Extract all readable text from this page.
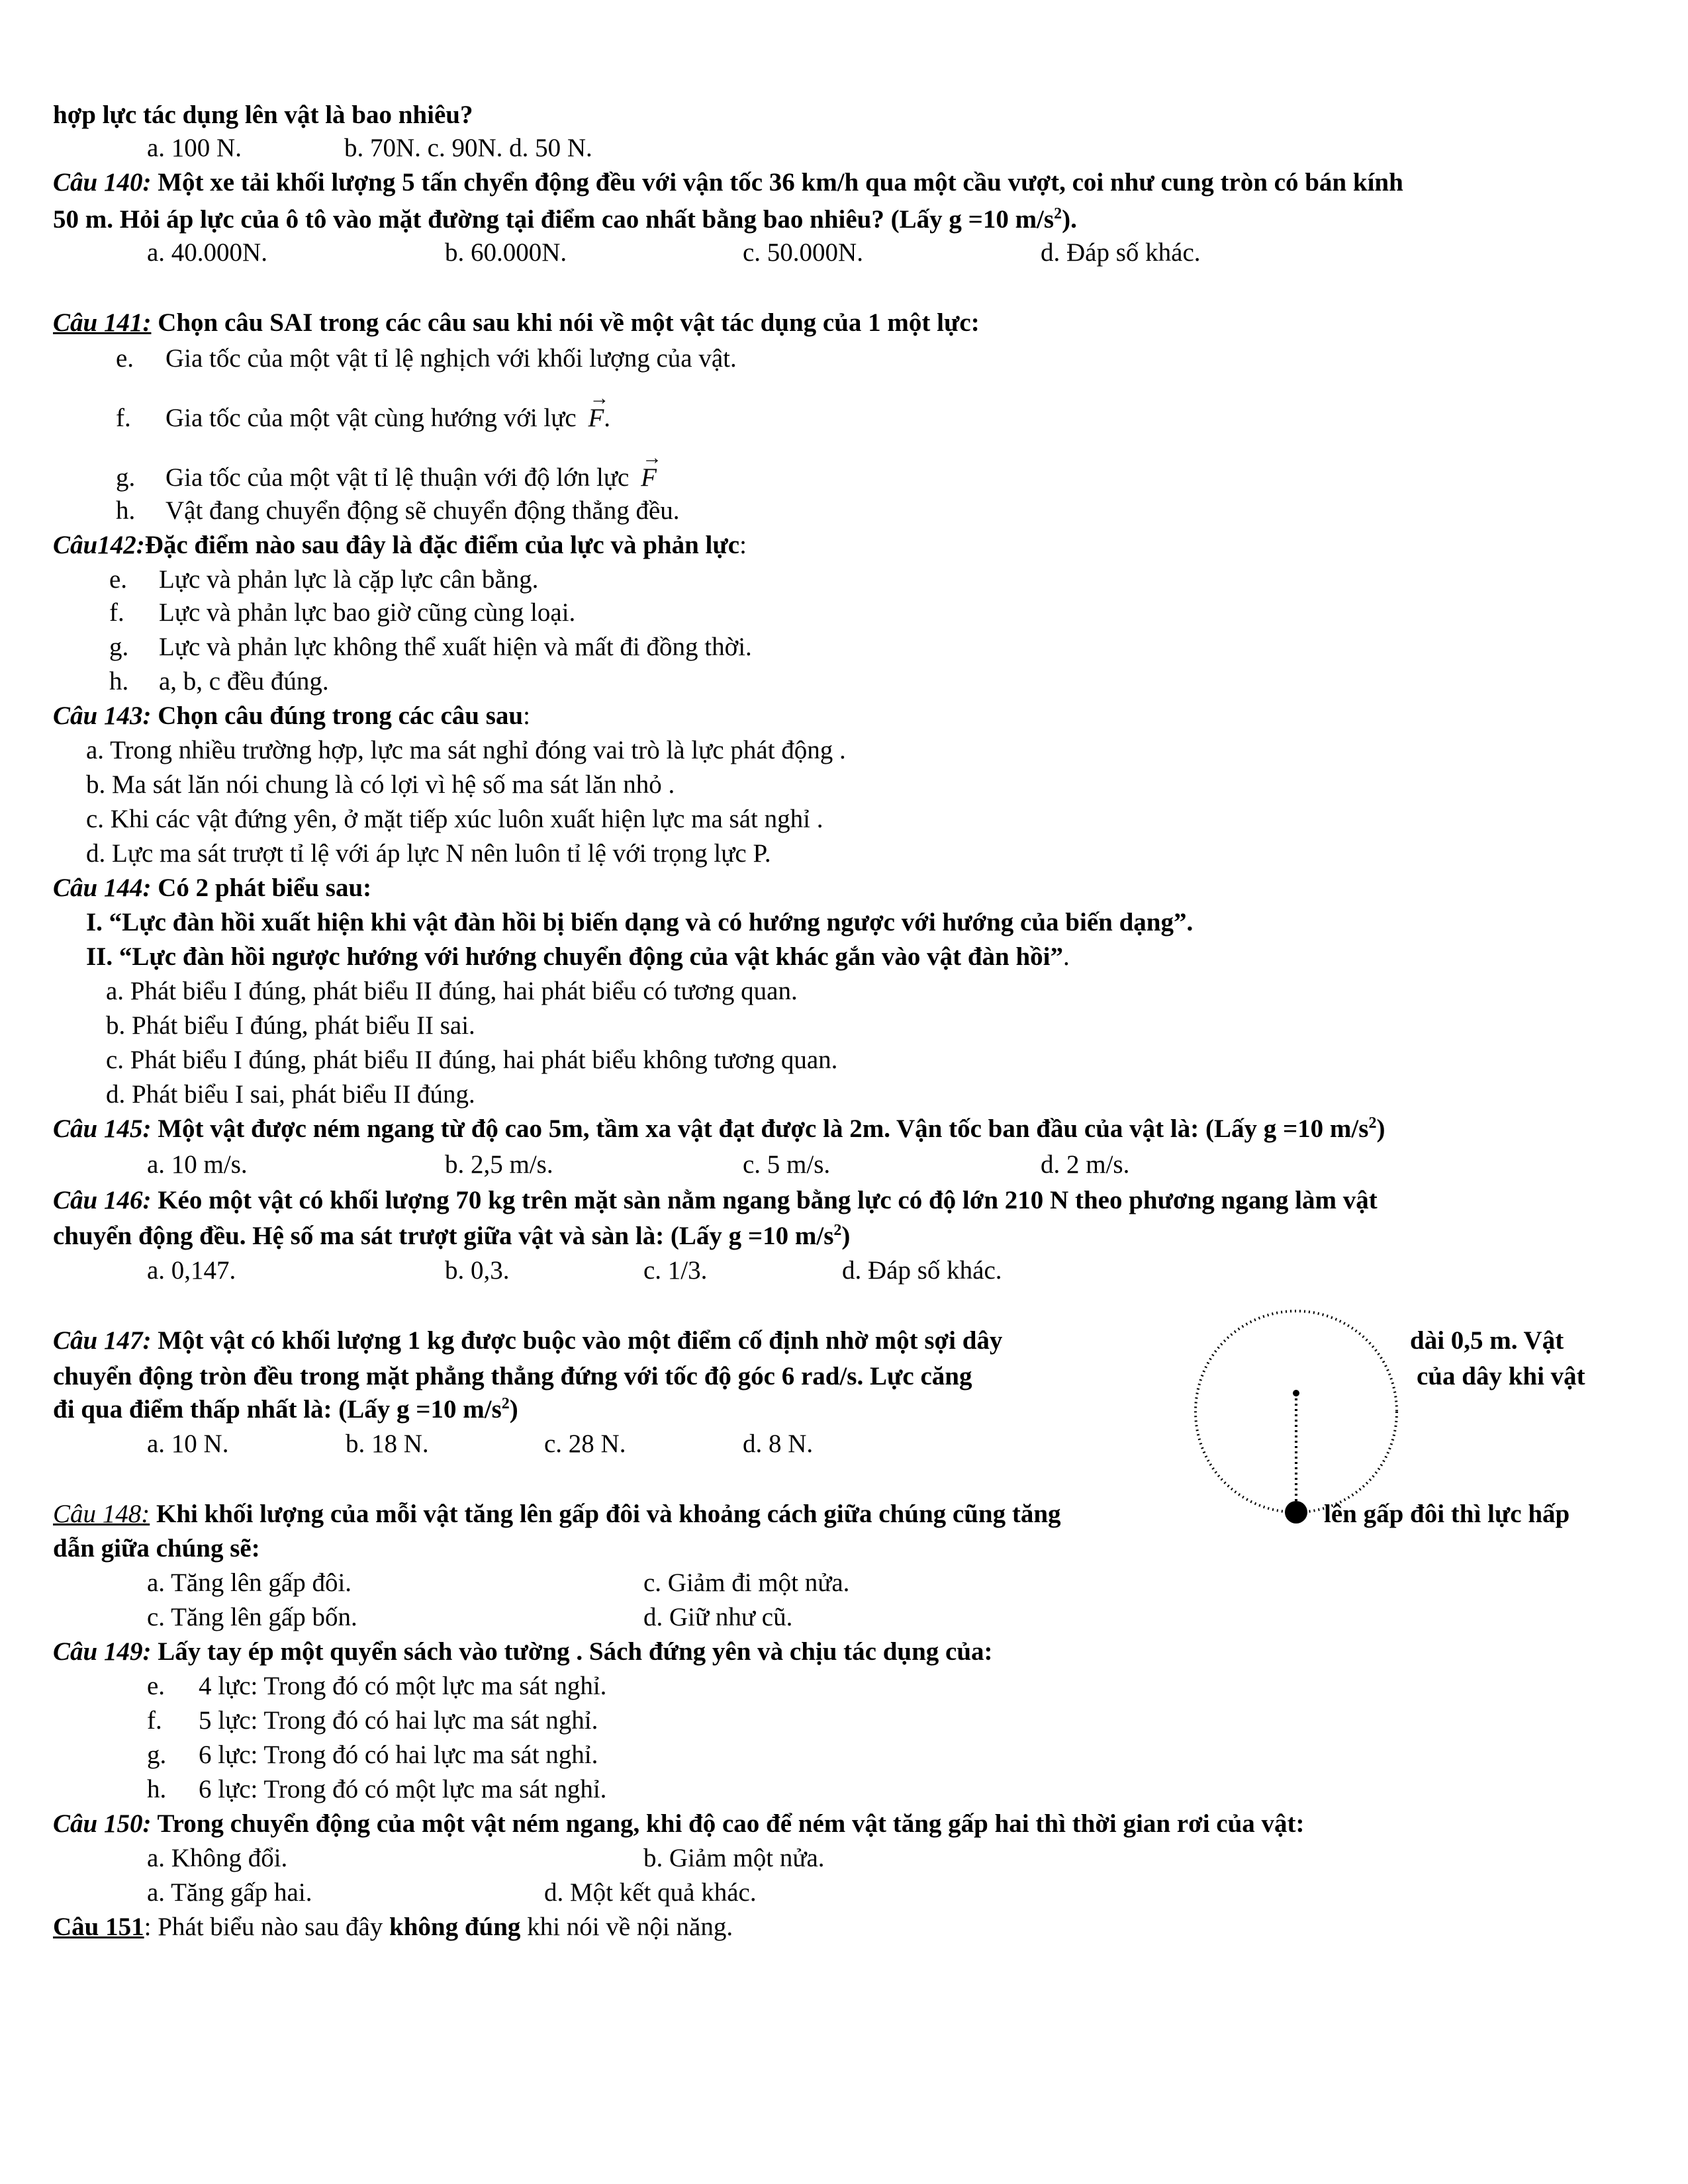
hợp lực tác dụng lên vật là bao nhiêu?
a. 100 N.	b. 70N. c. 90N. d. 50 N.
Câu 140: Một xe tải khối lượng 5 tấn chyển động đều với vận tốc 36 km/h qua một cầu vượt, coi như cung tròn có bán kính
50 m. Hỏi áp lực của ô tô vào mặt đường tại điểm cao nhất bằng bao nhiêu? (Lấy g =10 $m/s^2$).
a. 40.000N.	b. 60.000N.	c. 50.000N.	d. Đáp số khác.
Câu 141: Chọn câu SAI trong các câu sau khi nói về một vật tác dụng của 1 một lực:
e. Gia tốc của một vật tỉ lệ nghịch với khối lượng của vật.
f. Gia tốc của một vật cùng hướng với lực → F.
g. Gia tốc của một vật tỉ lệ thuận với độ lớn lực → F
h. Vật đang chuyển động sẽ chuyển động thẳng đều.
Câu142:Đặc điểm nào sau đây là đặc điểm của lực và phản lực:
e. Lực và phản lực là cặp lực cân bằng.
f. Lực và phản lực bao giờ cũng cùng loại.
g. Lực và phản lực không thể xuất hiện và mất đi đồng thời.
h. a, b, c đều đúng.
Câu 143: Chọn câu đúng trong các câu sau:
a. Trong nhiều trường hợp, lực ma sát nghỉ đóng vai trò là lực phát động .
b. Ma sát lăn nói chung là có lợi vì hệ số ma sát lăn nhỏ .
c. Khi các vật đứng yên, ở mặt tiếp xúc luôn xuất hiện lực ma sát nghỉ .
d. Lực ma sát trượt tỉ lệ với áp lực N nên luôn tỉ lệ với trọng lực P.
Câu 144: Có 2 phát biểu sau:
I. “Lực đàn hồi xuất hiện khi vật đàn hồi bị biến dạng và có hướng ngược với hướng của biến dạng”.
II. “Lực đàn hồi ngược hướng với hướng chuyển động của vật khác gắn vào vật đàn hồi”.
a. Phát biểu I đúng, phát biểu II đúng, hai phát biểu có tương quan.
b. Phát biểu I đúng, phát biểu II sai.
c. Phát biểu I đúng, phát biểu II đúng, hai phát biểu không tương quan.
d. Phát biểu I sai, phát biểu II đúng.
Câu 145: Một vật được ném ngang từ độ cao 5m, tầm xa vật đạt được là 2m. Vận tốc ban đầu của vật là: (Lấy g =10 $m/s^2$)
a. 10 m/s.	b. 2,5 m/s.	c. 5 m/s.	d. 2 m/s.
Câu 146: Kéo một vật có khối lượng 70 kg trên mặt sàn nằm ngang bằng lực có độ lớn 210 N theo phương ngang làm vật
chuyển động đều. Hệ số ma sát trượt giữa vật và sàn là: (Lấy g =10 $m/s^2$)
a. 0,147.	b. 0,3.	c. 1/3.	d. Đáp số khác.
Câu 147: Một vật có khối lượng 1 kg được buộc vào một điểm cố định nhờ một sợi dây	dài 0,5 m. Vật
chuyển động tròn đều trong mặt phẳng thẳng đứng với tốc độ góc 6 rad/s. Lực căng	của dây khi vật
đi qua điểm thấp nhất là: (Lấy g =10 $m/s^2$)
a. 10 N.	b. 18 N.	c. 28 N.	d. 8 N.
Câu 148: Khi khối lượng của mỗi vật tăng lên gấp đôi và khoảng cách giữa chúng cũng tăng	lên gấp đôi thì lực hấp
dẫn giữa chúng sẽ:
a. Tăng lên gấp đôi.	c. Giảm đi một nửa.
c. Tăng lên gấp bốn.	d. Giữ như cũ.
Câu 149: Lấy tay ép một quyển sách vào tường . Sách đứng yên và chịu tác dụng của:
e. 4 lực: Trong đó có một lực ma sát nghỉ.
f. 5 lực: Trong đó có hai lực ma sát nghỉ.
g. 6 lực: Trong đó có hai lực ma sát nghỉ.
h. 6 lực: Trong đó có một lực ma sát nghỉ.
Câu 150: Trong chuyển động của một vật ném ngang, khi độ cao để ném vật tăng gấp hai thì thời gian rơi của vật:
a. Không đổi.	b. Giảm một nửa.
a. Tăng gấp hai.	d. Một kết quả khác.
Câu 151: Phát biểu nào sau đây không đúng khi nói về nội năng.
